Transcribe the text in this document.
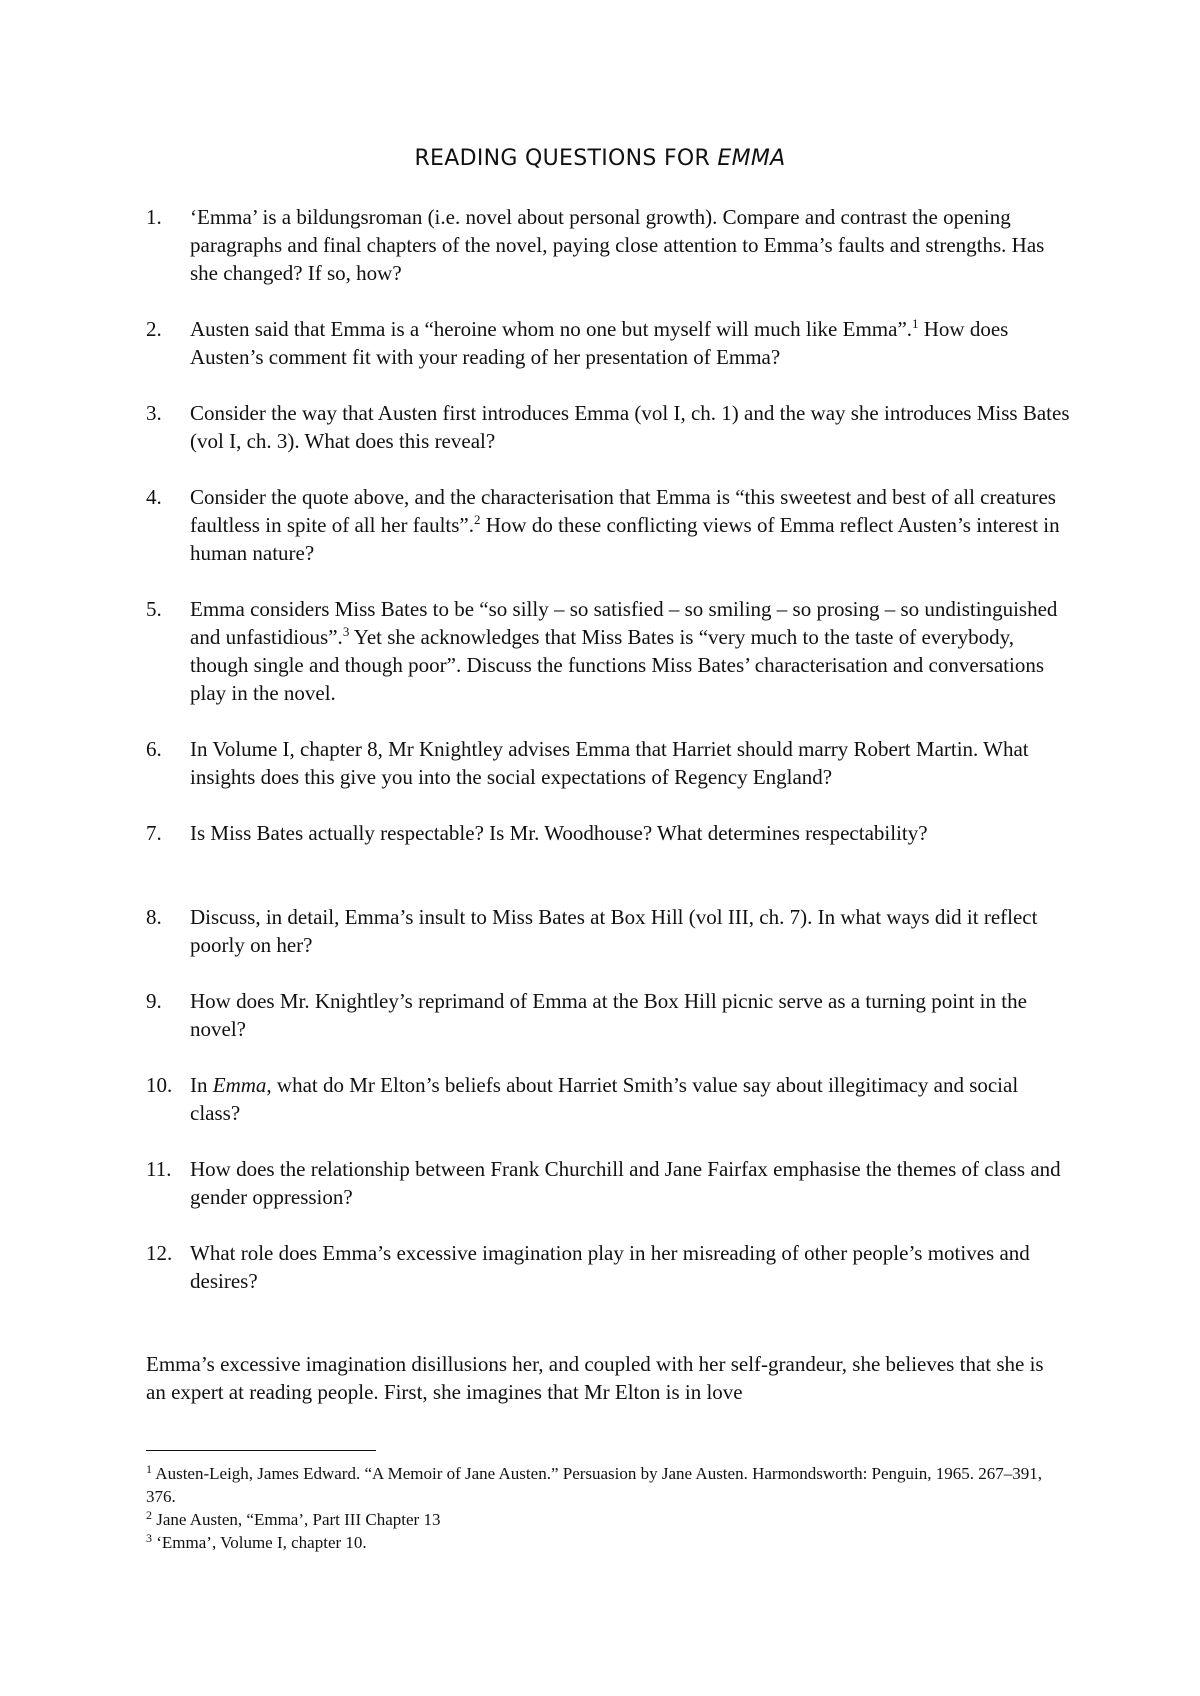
READING QUESTIONS FOR EMMA
1. ‘Emma’ is a bildungsroman (i.e. novel about personal growth). Compare and contrast the opening paragraphs and final chapters of the novel, paying close attention to Emma’s faults and strengths. Has she changed? If so, how?
2. Austen said that Emma is a “heroine whom no one but myself will much like Emma”.$^1$ How does Austen’s comment fit with your reading of her presentation of Emma?
3. Consider the way that Austen first introduces Emma (vol I, ch. 1) and the way she introduces Miss Bates (vol I, ch. 3). What does this reveal?
4. Consider the quote above, and the characterisation that Emma is “this sweetest and best of all creatures faultless in spite of all her faults”.$^2$ How do these conflicting views of Emma reflect Austen’s interest in human nature?
5. Emma considers Miss Bates to be “so silly – so satisfied – so smiling – so prosing – so undistinguished and unfastidious”.$^3$ Yet she acknowledges that Miss Bates is “very much to the taste of everybody, though single and though poor”. Discuss the functions Miss Bates’ characterisation and conversations play in the novel.
6. In Volume I, chapter 8, Mr Knightley advises Emma that Harriet should marry Robert Martin. What insights does this give you into the social expectations of Regency England?
7. Is Miss Bates actually respectable? Is Mr. Woodhouse? What determines respectability?
8. Discuss, in detail, Emma’s insult to Miss Bates at Box Hill (vol III, ch. 7). In what ways did it reflect poorly on her?
9. How does Mr. Knightley’s reprimand of Emma at the Box Hill picnic serve as a turning point in the novel?
10. In Emma, what do Mr Elton’s beliefs about Harriet Smith’s value say about illegitimacy and social class?
11. How does the relationship between Frank Churchill and Jane Fairfax emphasise the themes of class and gender oppression?
12. What role does Emma’s excessive imagination play in her misreading of other people’s motives and desires?

Emma’s excessive imagination disillusions her, and coupled with her self-grandeur, she believes that she is an expert at reading people. First, she imagines that Mr Elton is in love

$^1$ Austen-Leigh, James Edward. “A Memoir of Jane Austen.” Persuasion by Jane Austen. Harmondsworth: Penguin, 1965. 267–391, 376.

$^2$ Jane Austen, “Emma’, Part III Chapter 13

$^3$ ‘Emma’, Volume I, chapter 10.
